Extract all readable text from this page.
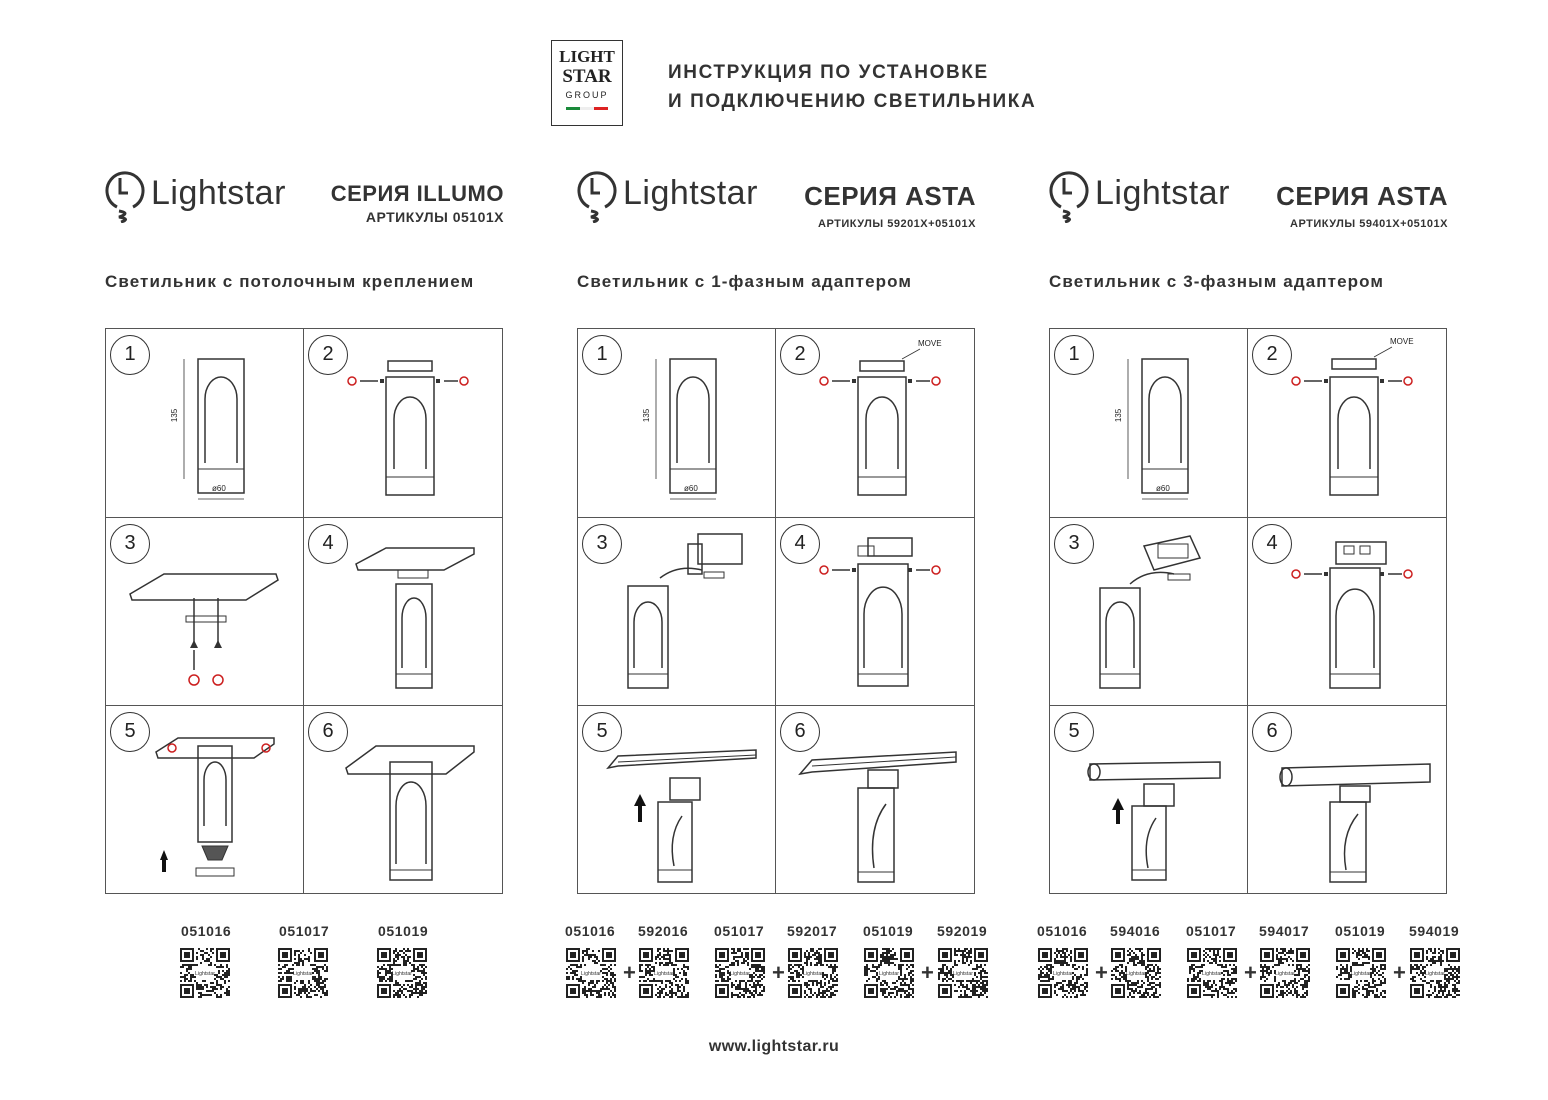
LIGHT
STAR
GROUP
ИНСТРУКЦИЯ ПО УСТАНОВКЕ
И ПОДКЛЮЧЕНИЮ СВЕТИЛЬНИКА
Lightstar СЕРИЯ ILLUMO
АРТИКУЛЫ 05101X
Светильник с потолочным креплением
1
135
ø60
2
3	4
5	6
051016	051017	051019
Lightstar	Lightstar	Lightstar
Lightstar СЕРИЯ ASTA
АРТИКУЛЫ 59201X+05101X
Светильник с 1-фазным адаптером
1
135
ø60
2	MOVE
3	4
5	6
051016 592016 051017 592017 051019 592019
Lightstar +	Lightstar	Lightstar +	Lightstar	Lightstar +	Lightstar
Lightstar СЕРИЯ ASTA
АРТИКУЛЫ 59401X+05101X
Светильник с 3-фазным адаптером
1
135
ø60
2
MOVE
3	4
5	6
051016 594016 051017 594017 051019 594019
Lightstar +	Lightstar	Lightstar +	Lightstar	Lightstar +	Lightstar
www.lightstar.ru
